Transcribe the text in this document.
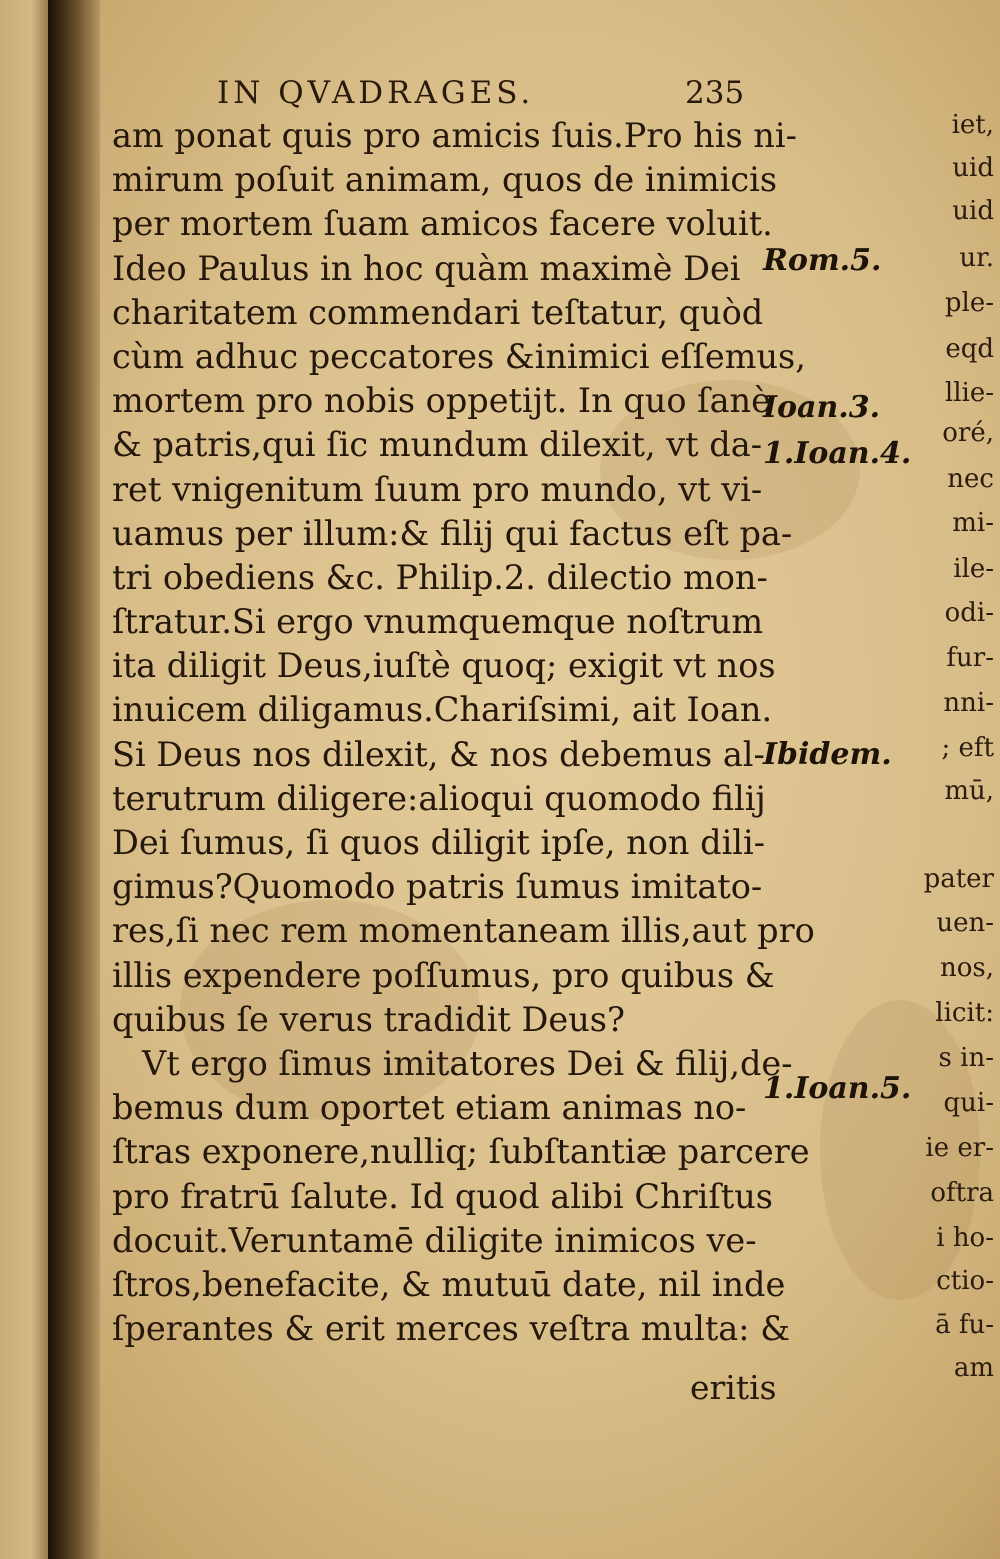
iet,
uid
uid
ur.
ple-
eqd
llie-
oré,
nec
mi-
ile-
odi-
fur-
nni-
; eft
mū,
pater
uen-
nos,
licit:
s in-
qui-
ie er-
oftra
i ho-
ctio-
ā fu-
am
IN QVADRAGES.	235
am ponat quis pro amicis ſuis.Pro his ni-
mirum poſuit animam, quos de inimicis
per mortem ſuam amicos facere voluit.
Ideo Paulus in hoc quàm maximè Dei
charitatem commendari teſtatur, quòd
cùm adhuc peccatores &inimici eſſemus,
mortem pro nobis oppetijt. In quo ſanè
& patris,qui ſic mundum dilexit, vt da-
ret vnigenitum ſuum pro mundo, vt vi-
uamus per illum:& filij qui factus eſt pa-
tri obediens &c. Philip.2. dilectio mon-
ſtratur.Si ergo vnumquemque noſtrum
ita diligit Deus,iuſtè quoq; exigit vt nos
inuicem diligamus.Chariſsimi, ait Ioan.
Si Deus nos dilexit, & nos debemus al-
terutrum diligere:alioqui quomodo filij
Dei ſumus, ſi quos diligit ipſe, non dili-
gimus?Quomodo patris ſumus imitato-
res,ſi nec rem momentaneam illis,aut pro
illis expendere poſſumus, pro quibus &
quibus ſe verus tradidit Deus?
Vt ergo ſimus imitatores Dei & filij,de-
bemus dum oportet etiam animas no-
ſtras exponere,nulliq; ſubſtantiæ parcere
pro fratrū ſalute. Id quod alibi Chriſtus
docuit.Veruntamē diligite inimicos ve-
ſtros,benefacite, & mutuū date, nil inde
ſperantes & erit merces veſtra multa: &
eritis
Rom.5.
Ioan.3.
1.Ioan.4.
Ibidem.
1.Ioan.5.
